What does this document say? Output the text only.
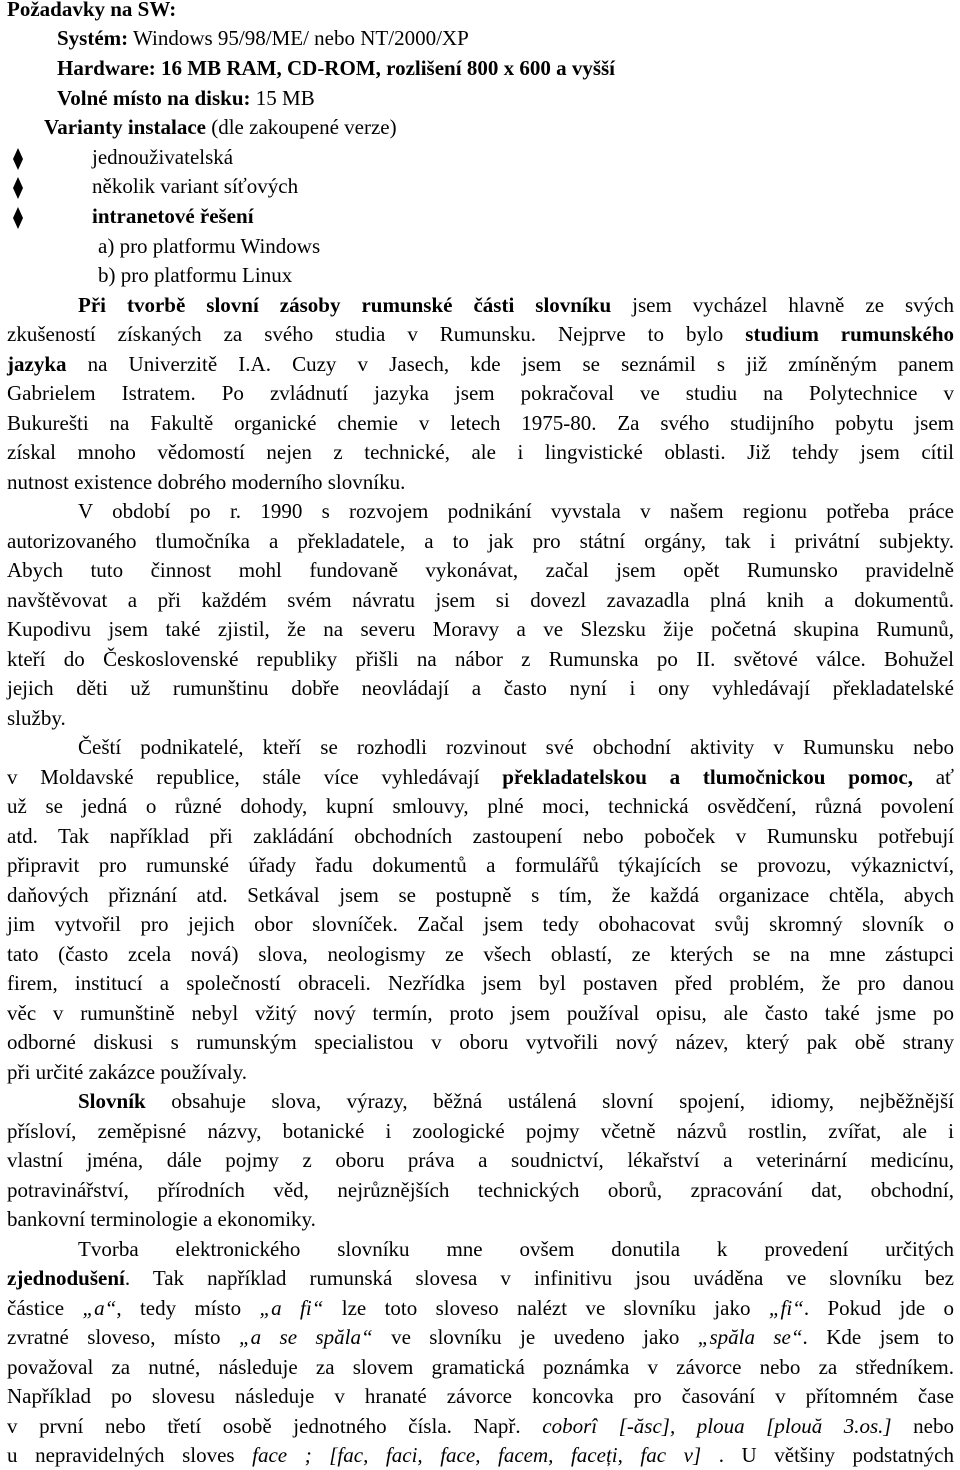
Požadavky na SW:
Systém: Windows 95/98/ME/ nebo NT/2000/XP
Hardware: 16 MB RAM, CD-ROM, rozlišení 800 x 600 a vyšší
Volné místo na disku: 15 MB
Varianty instalace (dle zakoupené verze)
jednouživatelská
několik variant síťových
intranetové řešení
a) pro platformu Windows
b) pro platformu Linux
Při tvorbě slovní zásoby rumunské části slovníku jsem vycházel hlavně ze svých
zkušeností získaných za svého studia v Rumunsku. Nejprve to bylo studium rumunského
jazyka na Univerzitě I.A. Cuzy v Jasech, kde jsem se seznámil s již zmíněným panem
Gabrielem Istratem. Po zvládnutí jazyka jsem pokračoval ve studiu na Polytechnice v
Bukurešti na Fakultě organické chemie v letech 1975-80. Za svého studijního pobytu jsem
získal mnoho vědomostí nejen z technické, ale i lingvistické oblasti. Již tehdy jsem cítil
nutnost existence dobrého moderního slovníku.
V období po r. 1990 s rozvojem podnikání vyvstala v našem regionu potřeba práce
autorizovaného tlumočníka a překladatele, a to jak pro státní orgány, tak i privátní subjekty.
Abych tuto činnost mohl fundovaně vykonávat, začal jsem opět Rumunsko pravidelně
navštěvovat a při každém svém návratu jsem si dovezl zavazadla plná knih a dokumentů.
Kupodivu jsem také zjistil, že na severu Moravy a ve Slezsku žije početná skupina Rumunů,
kteří do Československé republiky přišli na nábor z Rumunska po II. světové válce. Bohužel
jejich děti už rumunštinu dobře neovládají a často nyní i ony vyhledávají překladatelské
služby.
Čeští podnikatelé, kteří se rozhodli rozvinout své obchodní aktivity v Rumunsku nebo
v Moldavské republice, stále více vyhledávají překladatelskou a tlumočnickou pomoc, ať
už se jedná o různé dohody, kupní smlouvy, plné moci, technická osvědčení, různá povolení
atd. Tak například při zakládání obchodních zastoupení nebo poboček v Rumunsku potřebují
připravit pro rumunské úřady řadu dokumentů a formulářů týkajících se provozu, výkaznictví,
daňových přiznání atd. Setkával jsem se postupně s tím, že každá organizace chtěla, abych
jim vytvořil pro jejich obor slovníček. Začal jsem tedy obohacovat svůj skromný slovník o
tato (často zcela nová) slova, neologismy ze všech oblastí, ze kterých se na mne zástupci
firem, institucí a společností obraceli. Nezřídka jsem byl postaven před problém, že pro danou
věc v rumunštině nebyl vžitý nový termín, proto jsem používal opisu, ale často také jsme po
odborné diskusi s rumunským specialistou v oboru vytvořili nový název, který pak obě strany
při určité zakázce používaly.
Slovník obsahuje slova, výrazy, běžná ustálená slovní spojení, idiomy, nejběžnější
přísloví, zeměpisné názvy, botanické i zoologické pojmy včetně názvů rostlin, zvířat, ale i
vlastní jména, dále pojmy z oboru práva a soudnictví, lékařství a veterinární medicínu,
potravinářství, přírodních věd, nejrůznějších technických oborů, zpracování dat, obchodní,
bankovní terminologie a ekonomiky.
Tvorba elektronického slovníku mne ovšem donutila k provedení určitých
zjednodušení. Tak například rumunská slovesa v infinitivu jsou uváděna ve slovníku bez
částice „a“, tedy místo „a fi“ lze toto sloveso nalézt ve slovníku jako „fi“. Pokud jde o
zvratné sloveso, místo „a se spăla“ ve slovníku je uvedeno jako „spăla se“. Kde jsem to
považoval za nutné, následuje za slovem gramatická poznámka v závorce nebo za středníkem.
Například po slovesu následuje v hranaté závorce koncovka pro časování v přítomném čase
v první nebo třetí osobě jednotného čísla. Např. coborî [-ăsc], ploua [plouă 3.os.] nebo
u nepravidelných sloves face ; [fac, faci, face, facem, faceți, fac v] . U většiny podstatných
